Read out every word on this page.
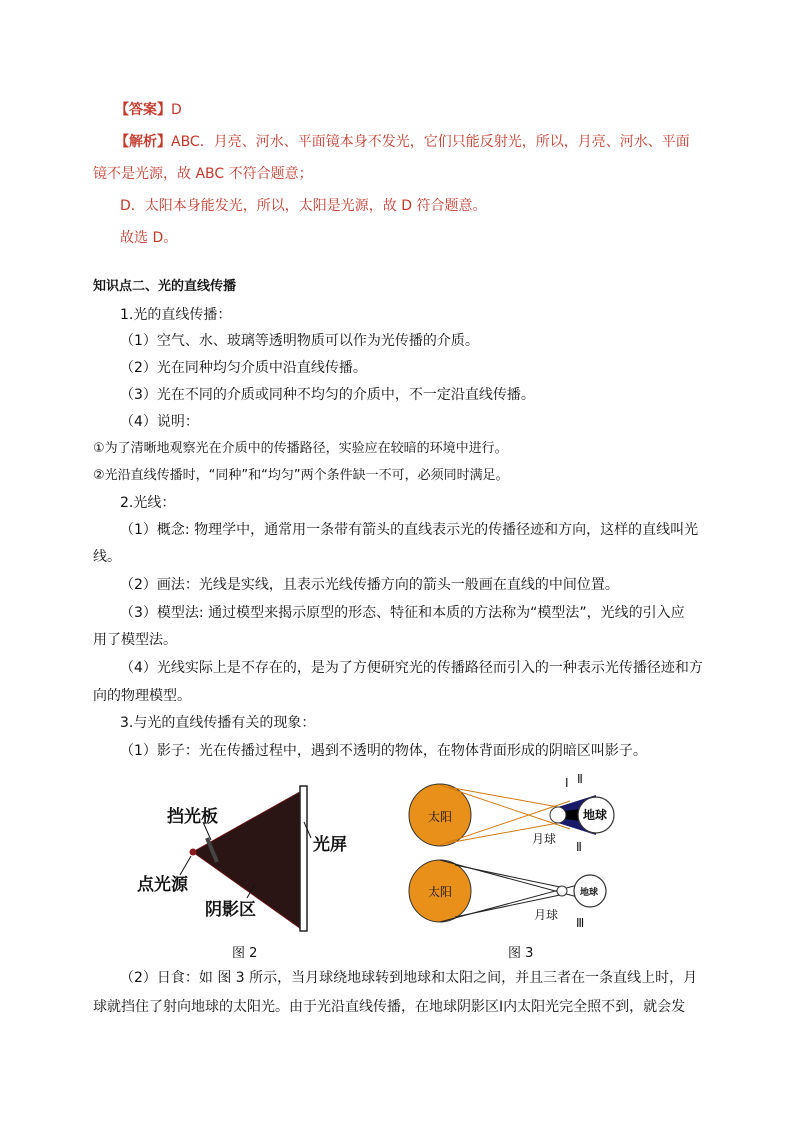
【答案】D
【解析】ABC．月亮、河水、平面镜本身不发光，它们只能反射光，所以，月亮、河水、平面
镜不是光源，故 ABC 不符合题意；
D．太阳本身能发光，所以，太阳是光源，故 D 符合题意。
故选 D。
知识点二、光的直线传播
1.光的直线传播：
（1）空气、水、玻璃等透明物质可以作为光传播的介质。
（2）光在同种均匀介质中沿直线传播。
（3）光在不同的介质或同种不均匀的介质中，不一定沿直线传播。
（4）说明：
①为了清晰地观察光在介质中的传播路径，实验应在较暗的环境中进行。
②光沿直线传播时，“同种”和“均匀”两个条件缺一不可，必须同时满足。
2.光线：
（1）概念: 物理学中，通常用一条带有箭头的直线表示光的传播径迹和方向，这样的直线叫光
线。
（2）画法：光线是实线，且表示光线传播方向的箭头一般画在直线的中间位置。
（3）模型法: 通过模型来揭示原型的形态、特征和本质的方法称为“模型法”，光线的引入应
用了模型法。
（4）光线实际上是不存在的，是为了方便研究光的传播路径而引入的一种表示光传播径迹和方
向的物理模型。
3.与光的直线传播有关的现象：
（1）影子：光在传播过程中，遇到不透明的物体，在物体背面形成的阴暗区叫影子。
挡光板
光屏
点光源
阴影区
图 2
太阳	地球
月球
Ⅰ Ⅱ
Ⅱ
太阳	地球
月球
Ⅲ
图 3
（2）日食：如 图 3 所示，当月球绕地球转到地球和太阳之间，并且三者在一条直线上时，月
球就挡住了射向地球的太阳光。由于光沿直线传播，在地球阴影区Ⅰ内太阳光完全照不到，就会发
